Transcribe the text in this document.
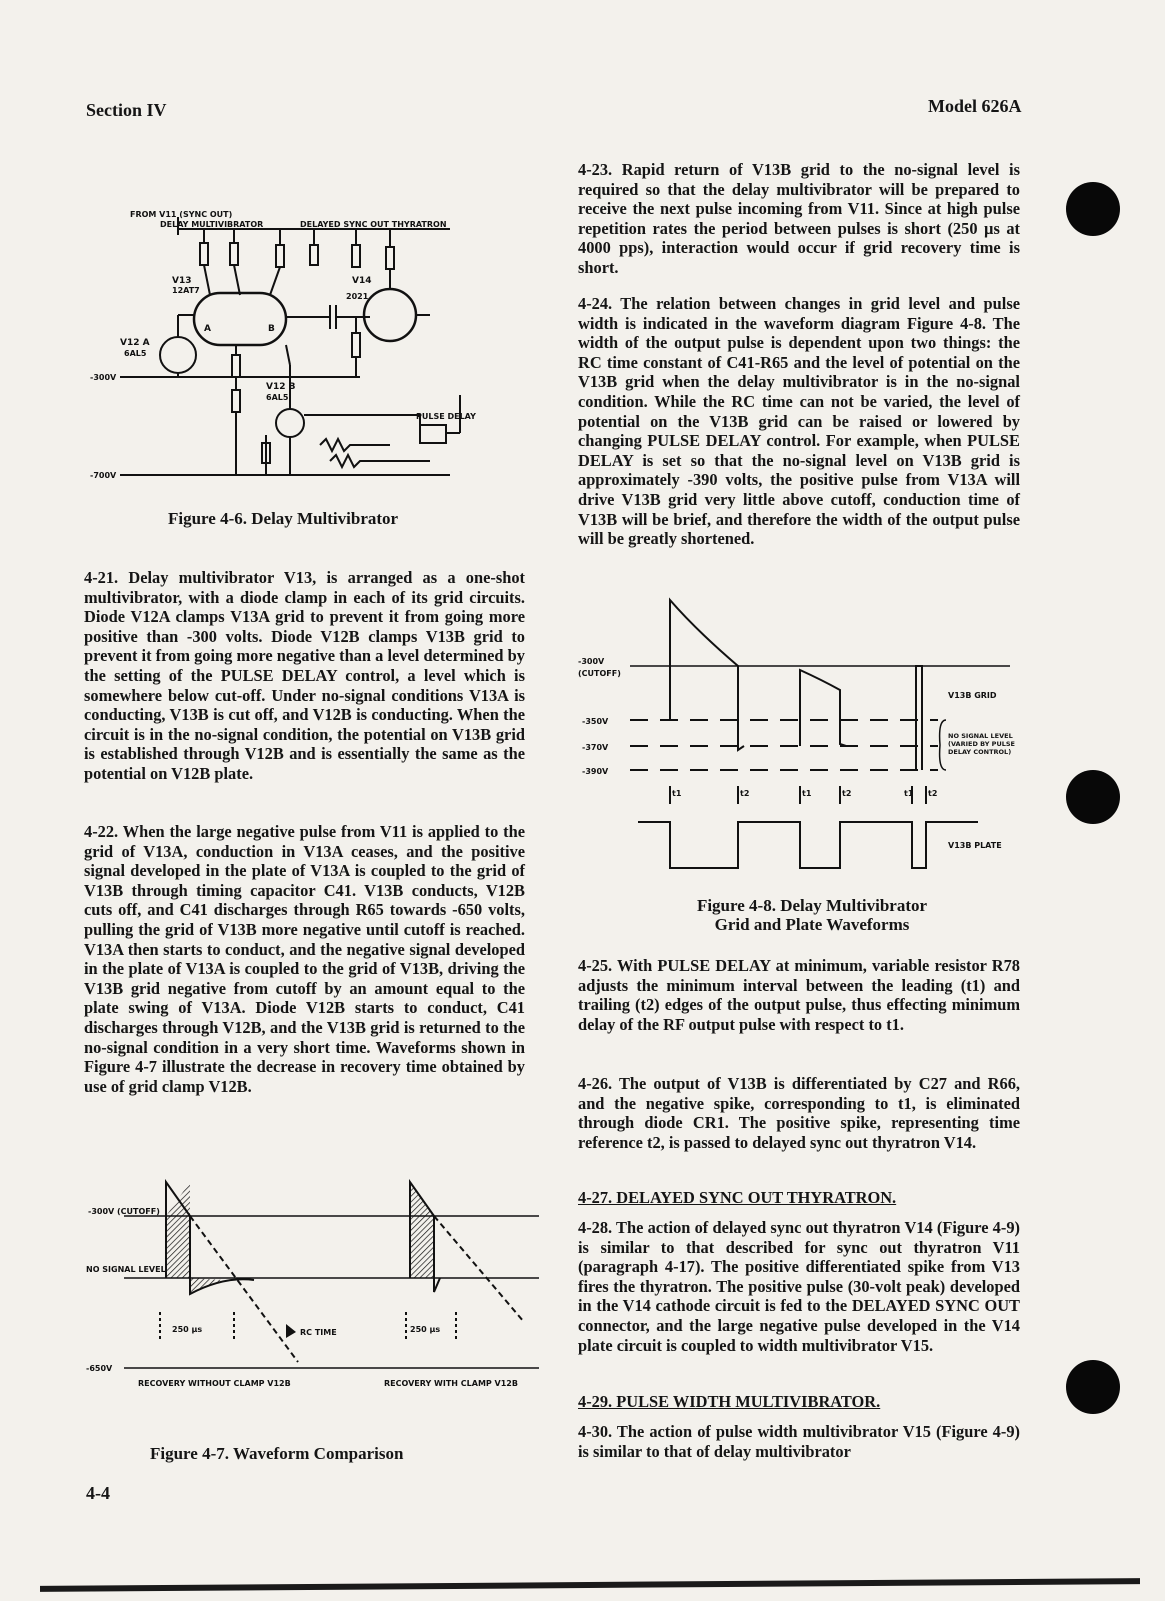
Section IV	Model 626A
FROM V11 (SYNC OUT)
DELAY MULTIVIBRATOR	DELAYED SYNC OUT THYRATRON
V13
12AT7
V14
2021
V12 A
6AL5
V12 B
6AL5
A	B
PULSE DELAY
-300V
-700V
Figure 4-6. Delay Multivibrator

4-21. Delay multivibrator V13, is arranged as a one-shot multivibrator, with a diode clamp in each of its grid circuits. Diode V12A clamps V13A grid to prevent it from going more positive than -300 volts. Diode V12B clamps V13B grid to prevent it from going more negative than a level determined by the setting of the PULSE DELAY control, a level which is somewhere below cut-off. Under no-signal conditions V13A is conducting, V13B is cut off, and V12B is conducting. When the circuit is in the no-signal condition, the potential on V13B grid is established through V12B and is essentially the same as the potential on V12B plate.

4-22. When the large negative pulse from V11 is applied to the grid of V13A, conduction in V13A ceases, and the positive signal developed in the plate of V13A is coupled to the grid of V13B through timing capacitor C41. V13B conducts, V12B cuts off, and C41 discharges through R65 towards -650 volts, pulling the grid of V13B more negative until cutoff is reached. V13A then starts to conduct, and the negative signal developed in the plate of V13A is coupled to the grid of V13B, driving the V13B grid negative from cutoff by an amount equal to the plate swing of V13A. Diode V12B starts to conduct, C41 discharges through V12B, and the V13B grid is returned to the no-signal condition in a very short time. Waveforms shown in Figure 4-7 illustrate the decrease in recovery time obtained by use of grid clamp V12B.

-300V (CUTOFF)
NO SIGNAL LEVEL
-650V
250 µs	250 µs
RC TIME
RECOVERY WITHOUT CLAMP V12B	RECOVERY WITH CLAMP V12B
Figure 4-7. Waveform Comparison
4-4

4-23. Rapid return of V13B grid to the no-signal level is required so that the delay multivibrator will be prepared to receive the next pulse incoming from V11. Since at high pulse repetition rates the period between pulses is short (250 µs at 4000 pps), interaction would occur if grid recovery time is short.

4-24. The relation between changes in grid level and pulse width is indicated in the waveform diagram Figure 4-8. The width of the output pulse is dependent upon two things: the RC time constant of C41-R65 and the level of potential on the V13B grid when the delay multivibrator is in the no-signal condition. While the RC time can not be varied, the level of potential on the V13B grid can be raised or lowered by changing PULSE DELAY control. For example, when PULSE DELAY is set so that the no-signal level on V13B grid is approximately -390 volts, the positive pulse from V13A will drive V13B grid very little above cutoff, conduction time of V13B will be brief, and therefore the width of the output pulse will be greatly shortened.

-300V
(CUTOFF)
-350V
-370V
-390V
V13B GRID
NO SIGNAL LEVEL (VARIED BY PULSE DELAY CONTROL)
V13B PLATE
t1	t2	t1	t2	t1 t2
Figure 4-8. Delay Multivibrator
Grid and Plate Waveforms

4-25. With PULSE DELAY at minimum, variable resistor R78 adjusts the minimum interval between the leading (t1) and trailing (t2) edges of the output pulse, thus effecting minimum delay of the RF output pulse with respect to t1.

4-26. The output of V13B is differentiated by C27 and R66, and the negative spike, corresponding to t1, is eliminated through diode CR1. The positive spike, representing time reference t2, is passed to delayed sync out thyratron V14.

4-27. DELAYED SYNC OUT THYRATRON.

4-28. The action of delayed sync out thyratron V14 (Figure 4-9) is similar to that described for sync out thyratron V11 (paragraph 4-17). The positive differentiated spike from V13 fires the thyratron. The positive pulse (30-volt peak) developed in the V14 cathode circuit is fed to the DELAYED SYNC OUT connector, and the large negative pulse developed in the V14 plate circuit is coupled to width multivibrator V15.

4-29. PULSE WIDTH MULTIVIBRATOR.

4-30. The action of pulse width multivibrator V15 (Figure 4-9) is similar to that of delay multivibrator
